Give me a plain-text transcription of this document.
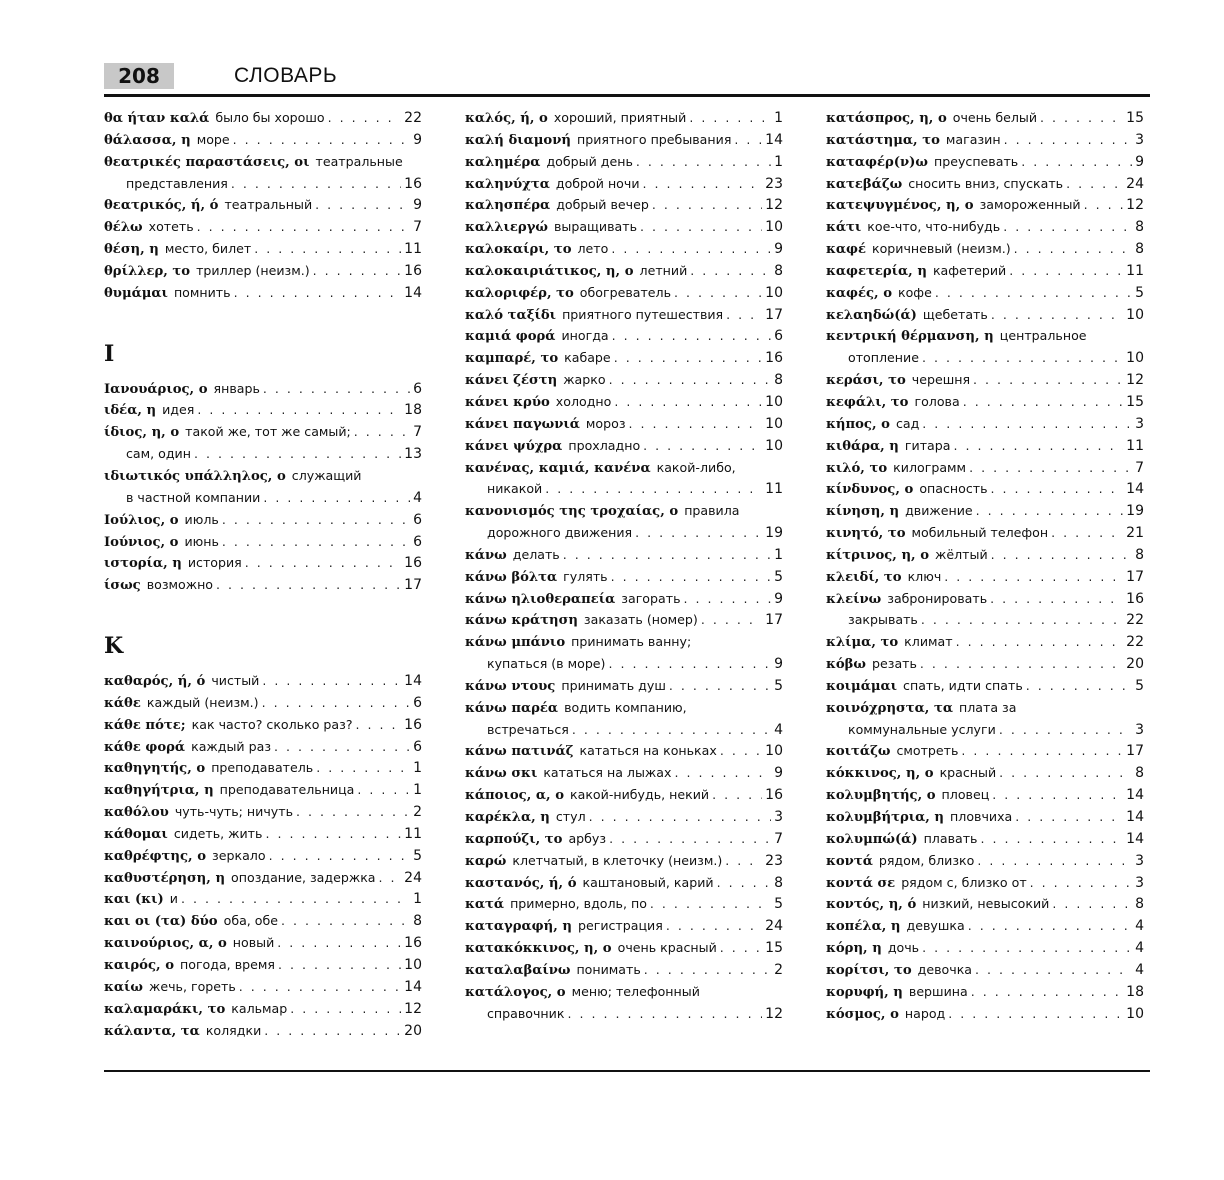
208	СЛОВАРЬ
θα ήταν καλά было бы хорошо . . .	22
θάλασσα, η море . . .	9
θεατρικές παραστάσεις, οι театральные
представления . . .	16
θεατρικός, ή, ό театральный . . .	9
θέλω хотеть . . .	7
θέση, η место, билет . . .	11
θρίλλερ, το триллер (неизм.) . . .	16
θυμάμαι помнить . . .	14
I
Ιανουάριος, ο январь . . .	6
ιδέα, η идея . . .	18
ίδιος, η, ο такой же, тот же самый; . . .	7
сам, один . . .	13
ιδιωτικός υπάλληλος, ο служащий
в частной компании . . .	4
Ιούλιος, ο июль . . .	6
Ιούνιος, ο июнь . . .	6
ιστορία, η история . . .	16
ίσως возможно . . .	17
K
καθαρός, ή, ό чистый . . .	14
κάθε каждый (неизм.) . . .	6
κάθε πότε; как часто? сколько раз? . . .	16
κάθε φορά каждый раз . . .	6
καθηγητής, ο преподаватель . . .	1
καθηγήτρια, η преподавательница . . .	1
καθόλου чуть-чуть; ничуть . . .	2
κάθομαι сидеть, жить . . .	11
καθρέφτης, ο зеркало . . .	5
καθυστέρηση, η опоздание, задержка . . . 24
και (κι) и . . .	1
και οι (τα) δύο оба, обе . . .	8
καινούριος, α, ο новый . . .	16
καιρός, ο погода, время . . .	10
καίω жечь, гореть . . .	14
καλαμαράκι, το кальмар . . .	12
κάλαντα, τα колядки . . .	20
καλός, ή, ο хороший, приятный . . .	1
καλή διαμονή приятного пребывания . . . 14
καλημέρα добрый день . . .	1
καληνύχτα доброй ночи . . .	23
καλησπέρα добрый вечер . . .	12
καλλιεργώ выращивать . . .	10
καλοκαίρι, το лето . . .	9
καλοκαιριάτικος, η, ο летний . . .	8
καλοριφέρ, το обогреватель . . .	10
καλό ταξίδι приятного путешествия . . .	17
καμιά φορά иногда . . .	6
καμπαρέ, το кабаре . . .	16
κάνει ζέστη жарко . . .	8
κάνει κρύο холодно . . .	10
κάνει παγωνιά мороз . . .	10
κάνει ψύχρα прохладно . . .	10
κανένας, καμιά, κανένα какой-либо,
никакой . . .	11
κανονισμός της τροχαίας, ο правила
дорожного движения . . .	19
κάνω делать . . .	1
κάνω βόλτα гулять . . .	5
κάνω ηλιοθεραπεία загорать . . .	9
κάνω κράτηση заказать (номер) . . .	17
κάνω μπάνιο принимать ванну;
купаться (в море) . . .	9
κάνω ντους принимать душ . . .	5
κάνω παρέα водить компанию,
встречаться . . .	4
κάνω πατινάζ кататься на коньках . . .	10
κάνω σκι кататься на лыжах . . .	9
κάποιος, α, ο какой-нибудь, некий . . .	16
καρέκλα, η стул . . .	3
καρπούζι, το арбуз . . .	7
καρώ клетчатый, в клеточку (неизм.) . . .	23
καστανός, ή, ό каштановый, карий . . .	8
κατά примерно, вдоль, по . . .	5
καταγραφή, η регистрация . . .	24
κατακόκκινος, η, ο очень красный . . .	15
καταλαβαίνω понимать . . .	2
κατάλογος, ο меню; телефонный
справочник . . .	12
κατάσπρος, η, ο очень белый . . .	15
κατάστημα, το магазин . . .	3
καταφέρ(ν)ω преуспевать . . .	9
κατεβάζω сносить вниз, спускать . . .	24
κατεψυγμένος, η, ο замороженный . . .	12
κάτι кое-что, что-нибудь . . .	8
καφέ коричневый (неизм.) . . .	8
καφετερία, η кафетерий . . .	11
καφές, ο кофе . . .	5
κελαηδώ(ά) щебетать . . .	10
κεντρική θέρμανση, η центральное
отопление . . .	10
κεράσι, το черешня . . .	12
κεφάλι, το голова . . .	15
κήπος, ο сад . . .	3
κιθάρα, η гитара . . .	11
κιλό, το килограмм . . .	7
κίνδυνος, ο опасность . . .	14
κίνηση, η движение . . .	19
κινητό, το мобильный телефон . . .	21
κίτρινος, η, ο жёлтый . . .	8
κλειδί, το ключ . . .	17
κλείνω забронировать . . .	16
закрывать . . .	22
κλίμα, το климат . . .	22
κόβω резать . . .	20
κοιμάμαι спать, идти спать . . .	5
κοινόχρηστα, τα плата за
коммунальные услуги . . .	3
κοιτάζω смотреть . . .	17
κόκκινος, η, ο красный . . .	8
κολυμβητής, ο пловец . . .	14
κολυμβήτρια, η пловчиха . . .	14
κολυμπώ(ά) плавать . . .	14
κοντά рядом, близко . . .	3
κοντά σε рядом с, близко от . . .	3
κοντός, η, ό низкий, невысокий . . .	8
κοπέλα, η девушка . . .	4
κόρη, η дочь . . .	4
κορίτσι, το девочка . . .	4
κορυφή, η вершина . . .	18
κόσμος, ο народ . . .	10
